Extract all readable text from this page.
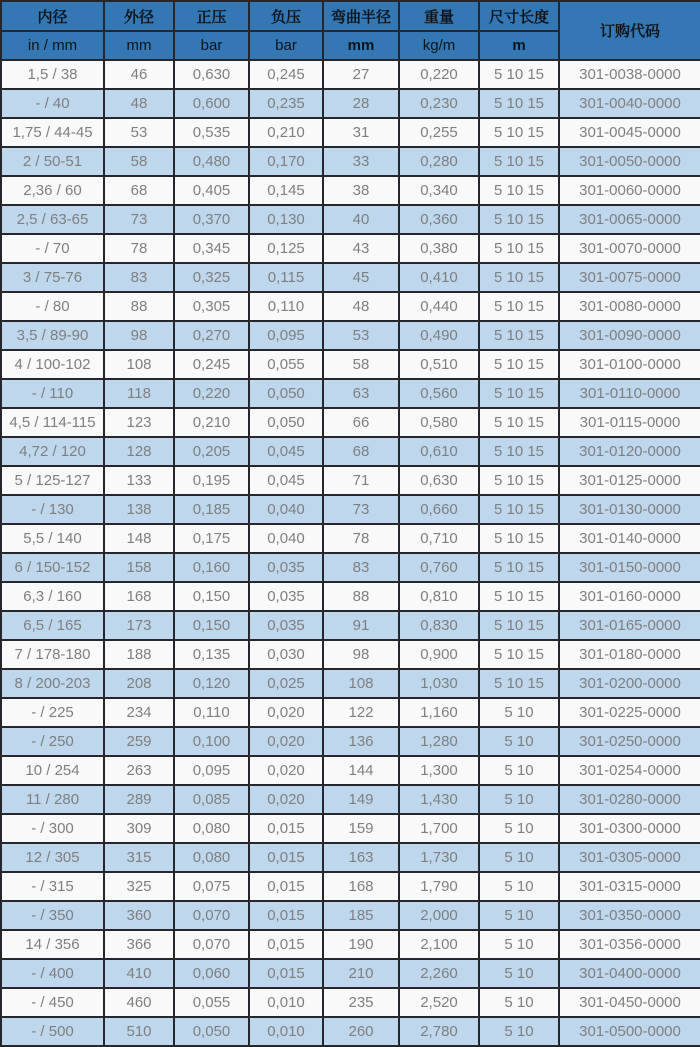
内径	外径	正压	负压	弯曲半径	重量	尺寸长度	订购代码
in / mm	mm	bar	bar	mm	kg/m	m	
1,5 / 38	46	0,630	0,245	27	0,220	5 10 15	301-0038-0000
- / 40	48	0,600	0,235	28	0,230	5 10 15	301-0040-0000
1,75 / 44-45	53	0,535	0,210	31	0,255	5 10 15	301-0045-0000
2 / 50-51	58	0,480	0,170	33	0,280	5 10 15	301-0050-0000
2,36 / 60	68	0,405	0,145	38	0,340	5 10 15	301-0060-0000
2,5 / 63-65	73	0,370	0,130	40	0,360	5 10 15	301-0065-0000
- / 70	78	0,345	0,125	43	0,380	5 10 15	301-0070-0000
3 / 75-76	83	0,325	0,115	45	0,410	5 10 15	301-0075-0000
- / 80	88	0,305	0,110	48	0,440	5 10 15	301-0080-0000
3,5 / 89-90	98	0,270	0,095	53	0,490	5 10 15	301-0090-0000
4 / 100-102	108	0,245	0,055	58	0,510	5 10 15	301-0100-0000
- / 110	118	0,220	0,050	63	0,560	5 10 15	301-0110-0000
4,5 / 114-115	123	0,210	0,050	66	0,580	5 10 15	301-0115-0000
4,72 / 120	128	0,205	0,045	68	0,610	5 10 15	301-0120-0000
5 / 125-127	133	0,195	0,045	71	0,630	5 10 15	301-0125-0000
- / 130	138	0,185	0,040	73	0,660	5 10 15	301-0130-0000
5,5 / 140	148	0,175	0,040	78	0,710	5 10 15	301-0140-0000
6 / 150-152	158	0,160	0,035	83	0,760	5 10 15	301-0150-0000
6,3 / 160	168	0,150	0,035	88	0,810	5 10 15	301-0160-0000
6,5 / 165	173	0,150	0,035	91	0,830	5 10 15	301-0165-0000
7 / 178-180	188	0,135	0,030	98	0,900	5 10 15	301-0180-0000
8 / 200-203	208	0,120	0,025	108	1,030	5 10 15	301-0200-0000
- / 225	234	0,110	0,020	122	1,160	5 10	301-0225-0000
- / 250	259	0,100	0,020	136	1,280	5 10	301-0250-0000
10 / 254	263	0,095	0,020	144	1,300	5 10	301-0254-0000
11 / 280	289	0,085	0,020	149	1,430	5 10	301-0280-0000
- / 300	309	0,080	0,015	159	1,700	5 10	301-0300-0000
12 / 305	315	0,080	0,015	163	1,730	5 10	301-0305-0000
- / 315	325	0,075	0,015	168	1,790	5 10	301-0315-0000
- / 350	360	0,070	0,015	185	2,000	5 10	301-0350-0000
14 / 356	366	0,070	0,015	190	2,100	5 10	301-0356-0000
- / 400	410	0,060	0,015	210	2,260	5 10	301-0400-0000
- / 450	460	0,055	0,010	235	2,520	5 10	301-0450-0000
- / 500	510	0,050	0,010	260	2,780	5 10	301-0500-0000
